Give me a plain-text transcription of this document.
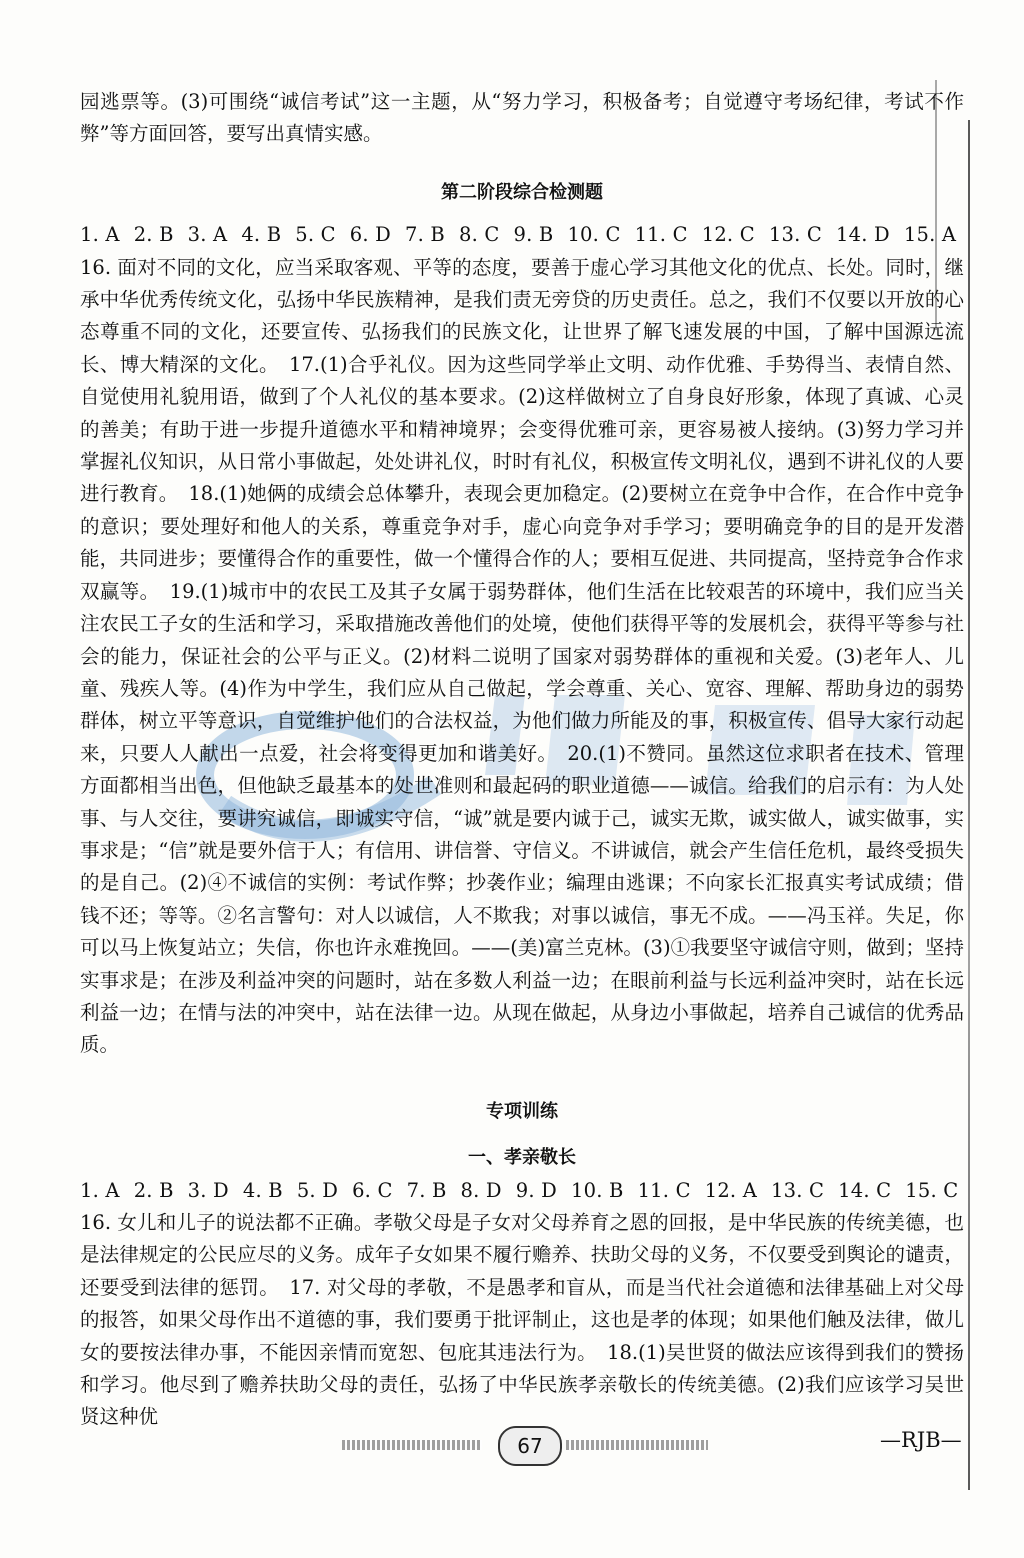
园逃票等。(3)可围绕“诚信考试”这一主题，从“努力学习，积极备考；自觉遵守考场纪律，考试不作弊”等方面回答，要写出真情实感。

第二阶段综合检测题

1. A 2. B 3. A 4. B 5. C 6. D 7. B 8. C 9. B 10. C 11. C 12. C 13. C 14. D 15. A

16. 面对不同的文化，应当采取客观、平等的态度，要善于虚心学习其他文化的优点、长处。同时，继承中华优秀传统文化，弘扬中华民族精神，是我们责无旁贷的历史责任。总之，我们不仅要以开放的心态尊重不同的文化，还要宣传、弘扬我们的民族文化，让世界了解飞速发展的中国，了解中国源远流长、博大精深的文化。　17.(1)合乎礼仪。因为这些同学举止文明、动作优雅、手势得当、表情自然、自觉使用礼貌用语，做到了个人礼仪的基本要求。(2)这样做树立了自身良好形象，体现了真诚、心灵的善美；有助于进一步提升道德水平和精神境界；会变得优雅可亲，更容易被人接纳。(3)努力学习并掌握礼仪知识，从日常小事做起，处处讲礼仪，时时有礼仪，积极宣传文明礼仪，遇到不讲礼仪的人要进行教育。　18.(1)她俩的成绩会总体攀升，表现会更加稳定。(2)要树立在竞争中合作，在合作中竞争的意识；要处理好和他人的关系，尊重竞争对手，虚心向竞争对手学习；要明确竞争的目的是开发潜能，共同进步；要懂得合作的重要性，做一个懂得合作的人；要相互促进、共同提高，坚持竞争合作求双赢等。　19.(1)城市中的农民工及其子女属于弱势群体，他们生活在比较艰苦的环境中，我们应当关注农民工子女的生活和学习，采取措施改善他们的处境，使他们获得平等的发展机会，获得平等参与社会的能力，保证社会的公平与正义。(2)材料二说明了国家对弱势群体的重视和关爱。(3)老年人、儿童、残疾人等。(4)作为中学生，我们应从自己做起，学会尊重、关心、宽容、理解、帮助身边的弱势群体，树立平等意识，自觉维护他们的合法权益，为他们做力所能及的事，积极宣传、倡导大家行动起来，只要人人献出一点爱，社会将变得更加和谐美好。　20.(1)不赞同。虽然这位求职者在技术、管理方面都相当出色，但他缺乏最基本的处世准则和最起码的职业道德——诚信。给我们的启示有：为人处事、与人交往，要讲究诚信，即诚实守信，“诚”就是要内诚于己，诚实无欺，诚实做人，诚实做事，实事求是；“信”就是要外信于人；有信用、讲信誉、守信义。不讲诚信，就会产生信任危机，最终受损失的是自己。(2)④不诚信的实例：考试作弊；抄袭作业；编理由逃课；不向家长汇报真实考试成绩；借钱不还；等等。②名言警句：对人以诚信，人不欺我；对事以诚信，事无不成。——冯玉祥。失足，你可以马上恢复站立；失信，你也许永难挽回。——(美)富兰克林。(3)①我要坚守诚信守则，做到；坚持实事求是；在涉及利益冲突的问题时，站在多数人利益一边；在眼前利益与长远利益冲突时，站在长远利益一边；在情与法的冲突中，站在法律一边。从现在做起，从身边小事做起，培养自己诚信的优秀品质。

专项训练
一、孝亲敬长

1. A 2. B 3. D 4. B 5. D 6. C 7. B 8. D 9. D 10. B 11. C 12. A 13. C 14. C 15. C

16. 女儿和儿子的说法都不正确。孝敬父母是子女对父母养育之恩的回报，是中华民族的传统美德，也是法律规定的公民应尽的义务。成年子女如果不履行赡养、扶助父母的义务，不仅要受到舆论的谴责，还要受到法律的惩罚。　17. 对父母的孝敬，不是愚孝和盲从，而是当代社会道德和法律基础上对父母的报答，如果父母作出不道德的事，我们要勇于批评制止，这也是孝的体现；如果他们触及法律，做儿女的要按法律办事，不能因亲情而宽恕、包庇其违法行为。　18.(1)吴世贤的做法应该得到我们的赞扬和学习。他尽到了赡养扶助父母的责任，弘扬了中华民族孝亲敬长的传统美德。(2)我们应该学习吴世贤这种优

67	—RJB—
